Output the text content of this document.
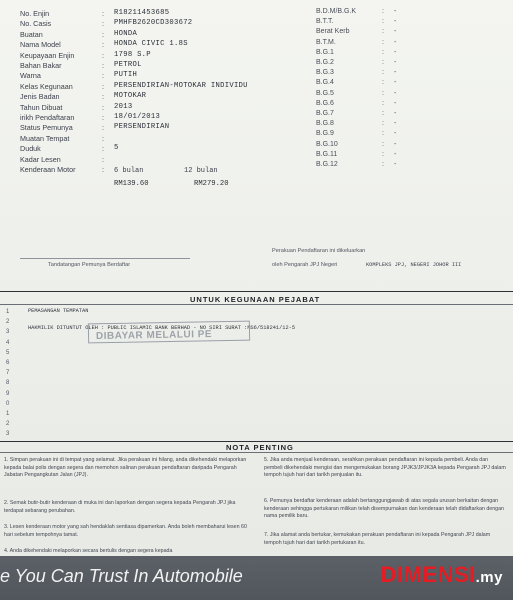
No. Enjin	:	R18211453685
No. Casis	:	PMHFB2620CD303672
Buatan	:	HONDA
Nama Model	:	HONDA CIVIC 1.8S
Keupayaan Enjin	:	1798 S.P
Bahan Bakar	:	PETROL
Warna	:	PUTIH
Kelas Kegunaan	:	PERSENDIRIAN-MOTOKAR INDIVIDU
Jenis Badan	:	MOTOKAR
Tahun Dibuat	:	2013
irikh Pendaftaran	:	18/01/2013
Status Pemunya	:	PERSENDIRIAN
Muatan Tempat	:
Duduk	:	5
Kadar Lesen	:
Kenderaan Motor	:	6 bulan	12 bulan
RM139.60	RM279.20
B.D.M/B.G.K	:	-
B.T.T.	:	-
Berat Kerb	:	-
B.T.M.	:	-
B.G.1	:	-
B.G.2	:	-
B.G.3	:	-
B.G.4	:	-
B.G.5	:	-
B.G.6	:	-
B.G.7	:	-
B.G.8	:	-
B.G.9	:	-
B.G.10	:	-
B.G.11	:	-
B.G.12	:	-
Tandatangan Pemunya Berdaftar
Perakuan Pendaftaran ini dikeluarkan
oleh Pengarah JPJ Negeri	KOMPLEKS JPJ, NEGERI JOHOR III
UNTUK KEGUNAAN PEJABAT
PEMASANGAN TEMPATAN
HAKMILIK DITUNTUT OLEH : PUBLIC ISLAMIC BANK BERHAD - NO SIRI SURAT :MS6/518241/12-5
DIBAYAR MELALUI PE
1
2
3
4
5
6
7
8
9
0
1
2
3
NOTA PENTING
1. Simpan perakuan ini di tempat yang selamat. Jika perakuan ini hilang, anda dikehendaki melaporkan kepada balai polis dengan segera dan memohon salinan perakuan pendaftaran daripada Pengarah Jabatan Pengangkutan Jalan (JPJ).
2. Semak butir-butir kenderaan di muka ini dan laporkan dengan segera kepada Pengarah JPJ jika terdapat sebarang perubahan.
3. Lesen kenderaan motor yang sah hendaklah sentiasa dipamerkan. Anda boleh membaharui lesen 60 hari sebelum tempohnya tamat.
4. Anda dikehendaki melaporkan secara bertulis dengan segera kepada
5. Jika anda menjual kenderaan, serahkan perakuan pendaftaran ini kepada pembeli. Anda dan pembeli dikehendaki mengisi dan mengemukakan borang JPJK3/JPJK3A kepada Pengarah JPJ dalam tempoh tujuh hari dari tarikh penjualan itu.
6. Pemunya berdaftar kenderaan adalah bertanggungjawab di atas segala urusan berkaitan dengan kenderaan sehingga pertukaran milikan telah disempurnakan dan kenderaan telah didaftarkan dengan nama pemilik baru.
7. Jika alamat anda bertukar, kemukakan perakuan pendaftaran ini kepada Pengarah JPJ dalam tempoh tujuh hari dari tarikh pertukaran itu.
e You Can Trust In Automobile	DIMENSI.my
